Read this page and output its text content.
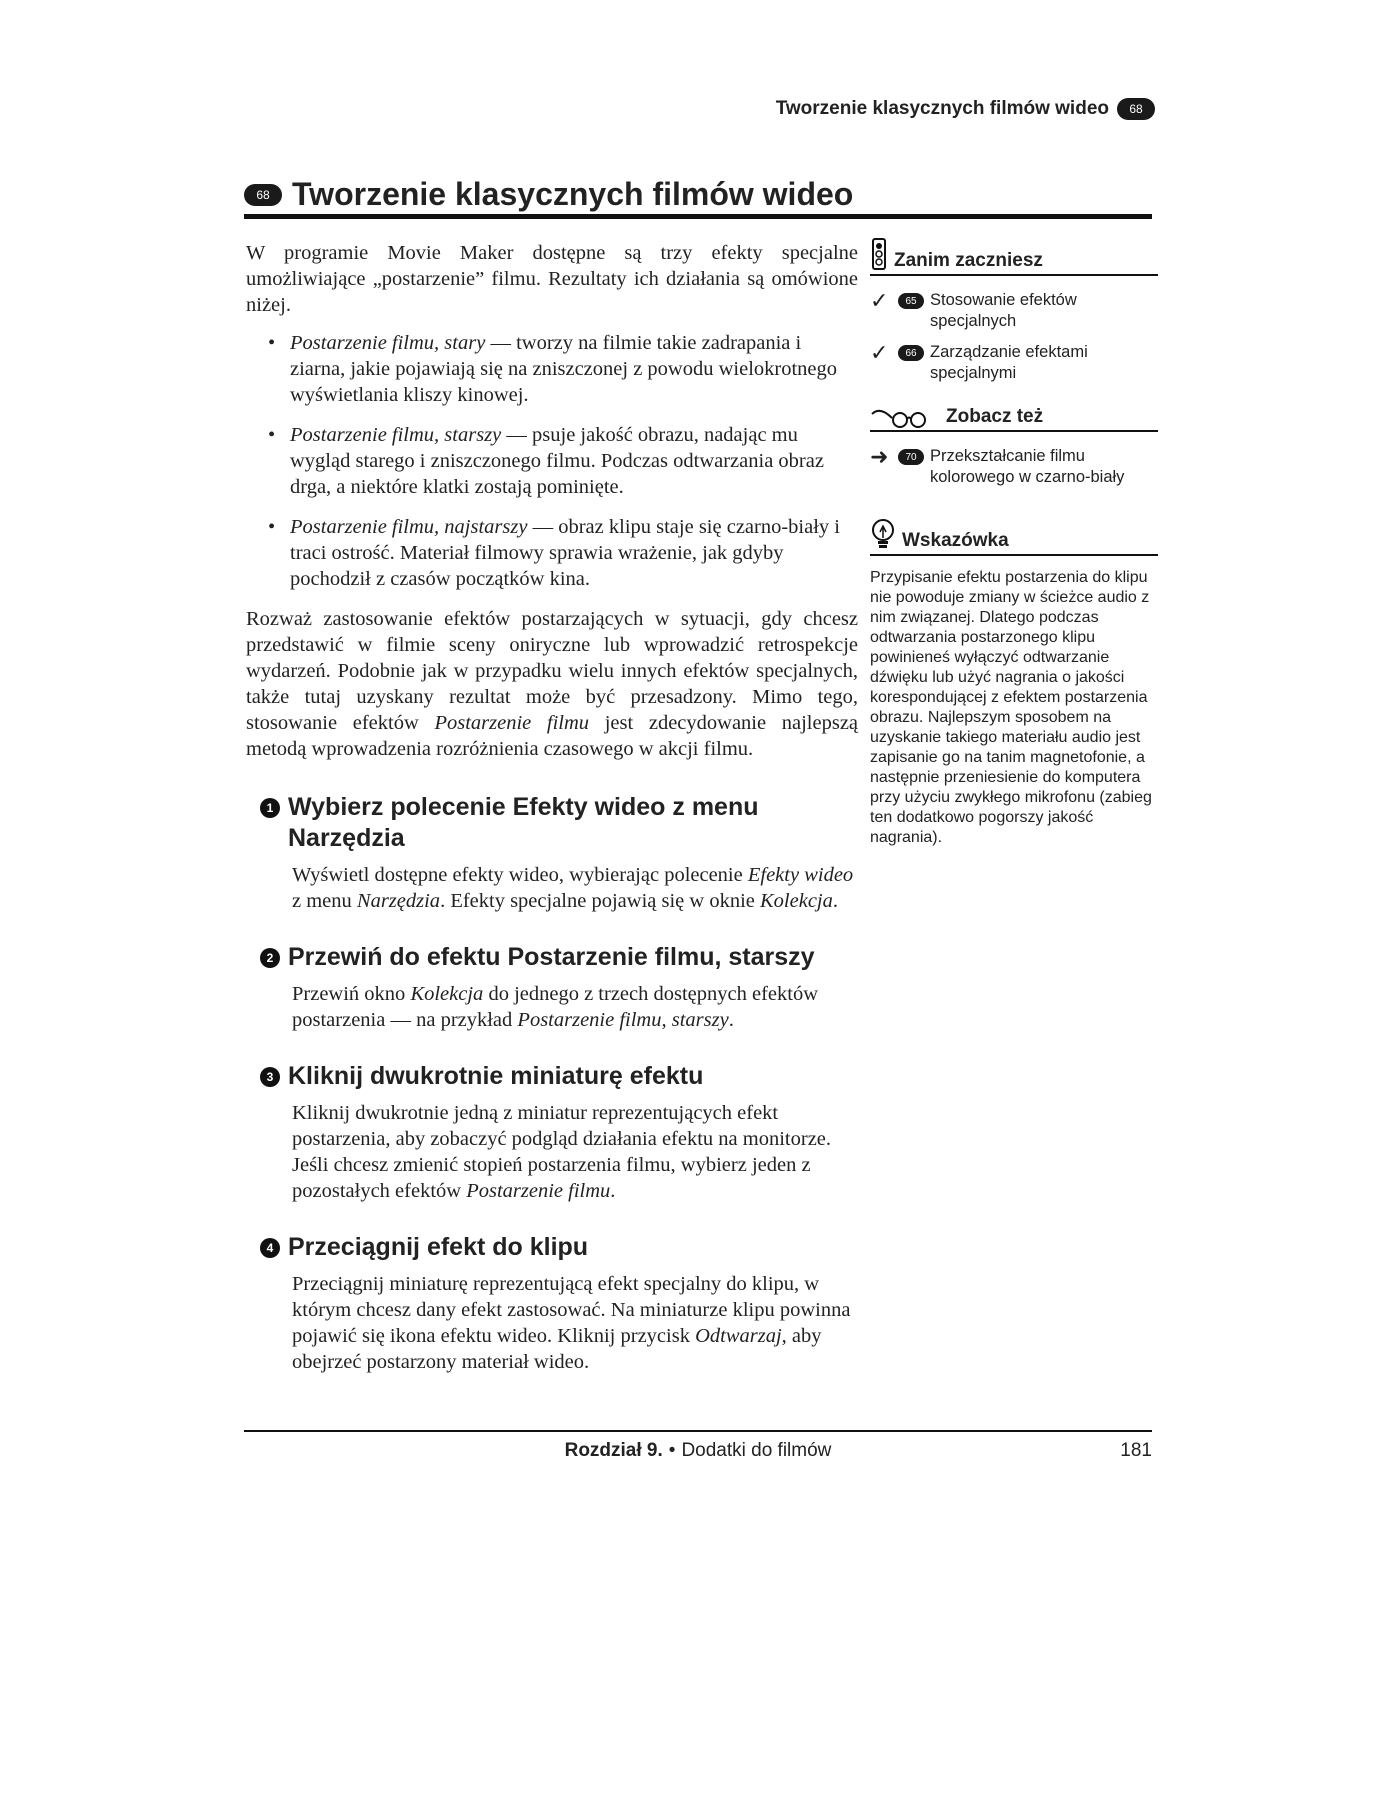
Tworzenie klasycznych filmów wideo	68
68 Tworzenie klasycznych filmów wideo

W programie Movie Maker dostępne są trzy efekty specjalne umożliwiające „postarzenie” filmu. Rezultaty ich działania są omówione niżej.

• Postarzenie filmu, stary — tworzy na filmie takie zadrapania i ziarna, jakie pojawiają się na zniszczonej z powodu wielokrotnego wyświetlania kliszy kinowej.
• Postarzenie filmu, starszy — psuje jakość obrazu, nadając mu wygląd starego i zniszczonego filmu. Podczas odtwarzania obraz drga, a niektóre klatki zostają pominięte.
• Postarzenie filmu, najstarszy — obraz klipu staje się czarno-biały i traci ostrość. Materiał filmowy sprawia wrażenie, jak gdyby pochodził z czasów początków kina.

Rozważ zastosowanie efektów postarzających w sytuacji, gdy chcesz przedstawić w filmie sceny oniryczne lub wprowadzić retrospekcje wydarzeń. Podobnie jak w przypadku wielu innych efektów specjalnych, także tutaj uzyskany rezultat może być przesadzony. Mimo tego, stosowanie efektów Postarzenie filmu jest zdecydowanie najlepszą metodą wprowadzenia rozróżnienia czasowego w akcji filmu.

1 Wybierz polecenie Efekty wideo z menu Narzędzia
Wyświetl dostępne efekty wideo, wybierając polecenie Efekty wideo z menu Narzędzia. Efekty specjalne pojawią się w oknie Kolekcja.
2 Przewiń do efektu Postarzenie filmu, starszy
Przewiń okno Kolekcja do jednego z trzech dostępnych efektów postarzenia — na przykład Postarzenie filmu, starszy.
3 Kliknij dwukrotnie miniaturę efektu
Kliknij dwukrotnie jedną z miniatur reprezentujących efekt postarzenia, aby zobaczyć podgląd działania efektu na monitorze. Jeśli chcesz zmienić stopień postarzenia filmu, wybierz jeden z pozostałych efektów Postarzenie filmu.
4 Przeciągnij efekt do klipu
Przeciągnij miniaturę reprezentującą efekt specjalny do klipu, w którym chcesz dany efekt zastosować. Na miniaturze klipu powinna pojawić się ikona efektu wideo. Kliknij przycisk Odtwarzaj, aby obejrzeć postarzony materiał wideo.
Zanim zaczniesz
✓	65 Stosowanie efektów specjalnych
✓	66 Zarządzanie efektami specjalnymi
Zobacz też
➜	70 Przekształcanie filmu kolorowego w czarno-biały
Wskazówka
Przypisanie efektu postarzenia do klipu nie powoduje zmiany w ścieżce audio z nim związanej. Dlatego podczas odtwarzania postarzonego klipu powinieneś wyłączyć odtwarzanie dźwięku lub użyć nagrania o jakości korespondującej z efektem postarzenia obrazu. Najlepszym sposobem na uzyskanie takiego materiału audio jest zapisanie go na tanim magnetofonie, a następnie przeniesienie do komputera przy użyciu zwykłego mikrofonu (zabieg ten dodatkowo pogorszy jakość nagrania).
Rozdział 9. • Dodatki do filmów	181
